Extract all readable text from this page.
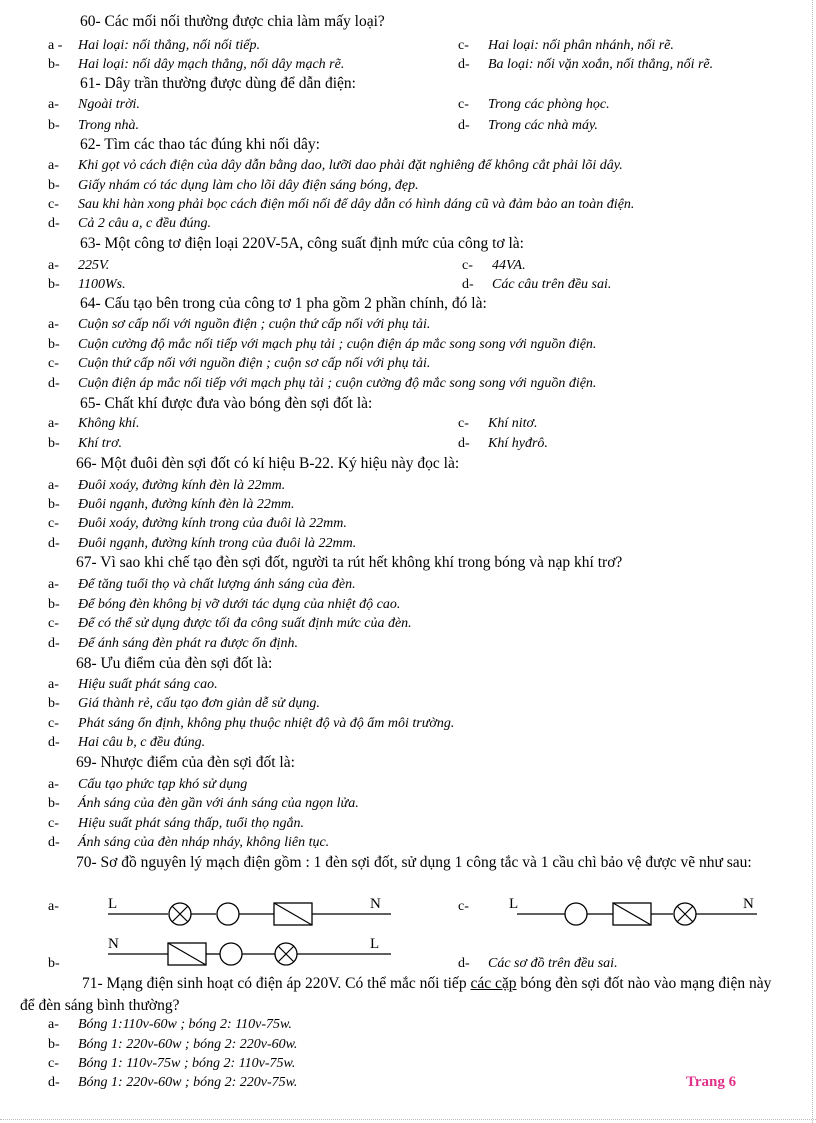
60- Các mối nối thường được chia làm mấy loại?
a - Hai loại: nối thẳng, nối nối tiếp.	c- Hai loại: nối phân nhánh, nối rẽ.
b- Hai loại: nối dây mạch thẳng, nối dây mạch rẽ.	d- Ba loại: nối vặn xoắn, nối thẳng, nối rẽ.
61- Dây trần thường được dùng để dẫn điện:
a- Ngoài trời.	c- Trong các phòng học.
b- Trong nhà.	d- Trong các nhà máy.
62- Tìm các thao tác đúng khi nối dây:
a- Khi gọt vỏ cách điện của dây dẫn bằng dao, lưỡi dao phải đặt nghiêng để không cắt phải lõi dây.
b- Giấy nhám có tác dụng làm cho lõi dây điện sáng bóng, đẹp.
c- Sau khi hàn xong phải bọc cách điện mối nối để dây dẫn có hình dáng cũ và đảm bảo an toàn điện.
d- Cả 2 câu a, c đều đúng.
63- Một công tơ điện loại 220V-5A, công suất định mức của công tơ là:
a- 225V.	c- 44VA.
b- 1100Ws.	d- Các câu trên đều sai.
64- Cấu tạo bên trong của công tơ 1 pha gồm 2 phần chính, đó là:
a- Cuộn sơ cấp nối với nguồn điện ; cuộn thứ cấp nối với phụ tải.
b- Cuộn cường độ mắc nối tiếp với mạch phụ tải ; cuộn điện áp mắc song song với nguồn điện.
c- Cuộn thứ cấp nối với nguồn điện ; cuộn sơ cấp nối với phụ tải.
d- Cuộn điện áp mắc nối tiếp với mạch phụ tải ; cuộn cường độ mắc song song với nguồn điện.
65- Chất khí được đưa vào bóng đèn sợi đốt là:
a- Không khí.	c- Khí nitơ.
b- Khí trơ.	d- Khí hyđrô.
66- Một đuôi đèn sợi đốt có kí hiệu B-22. Ký hiệu này đọc là:
a- Đuôi xoáy, đường kính đèn là 22mm.
b- Đuôi ngạnh, đường kính đèn là 22mm.
c- Đuôi xoáy, đường kính trong của đuôi là 22mm.
d- Đuôi ngạnh, đường kính trong của đuôi là 22mm.
67- Vì sao khi chế tạo đèn sợi đốt, người ta rút hết không khí trong bóng và nạp khí trơ?
a- Để tăng tuổi thọ và chất lượng ánh sáng của đèn.
b- Để bóng đèn không bị vỡ dưới tác dụng của nhiệt độ cao.
c- Để có thể sử dụng được tối đa công suất định mức của đèn.
d- Để ánh sáng đèn phát ra được ổn định.
68- Ưu điểm của đèn sợi đốt là:
a- Hiệu suất phát sáng cao.
b- Giá thành rẻ, cấu tạo đơn giản dễ sử dụng.
c- Phát sáng ổn định, không phụ thuộc nhiệt độ và độ ẩm môi trường.
d- Hai câu b, c đều đúng.
69- Nhược điểm của đèn sợi đốt là:
a- Cấu tạo phức tạp khó sử dụng
b- Ánh sáng của đèn gần với ánh sáng của ngọn lửa.
c- Hiệu suất phát sáng thấp, tuổi thọ ngắn.
d- Ánh sáng của đèn nháp nháy, không liên tục.
70- Sơ đồ nguyên lý mạch điện gồm : 1 đèn sợi đốt, sử dụng 1 công tắc và 1 cầu chì bảo vệ được vẽ như sau:
a-	L	N	c-	L	N
N	L
b-	d- Các sơ đồ trên đều sai.
71- Mạng điện sinh hoạt có điện áp 220V. Có thể mắc nối tiếp các cặp bóng đèn sợi đốt nào vào mạng điện này để đèn sáng bình thường?
a- Bóng 1:110v-60w ; bóng 2: 110v-75w.
b- Bóng 1: 220v-60w ; bóng 2: 220v-60w.
c- Bóng 1: 110v-75w ; bóng 2: 110v-75w.
d- Bóng 1: 220v-60w ; bóng 2: 220v-75w.	Trang 6
